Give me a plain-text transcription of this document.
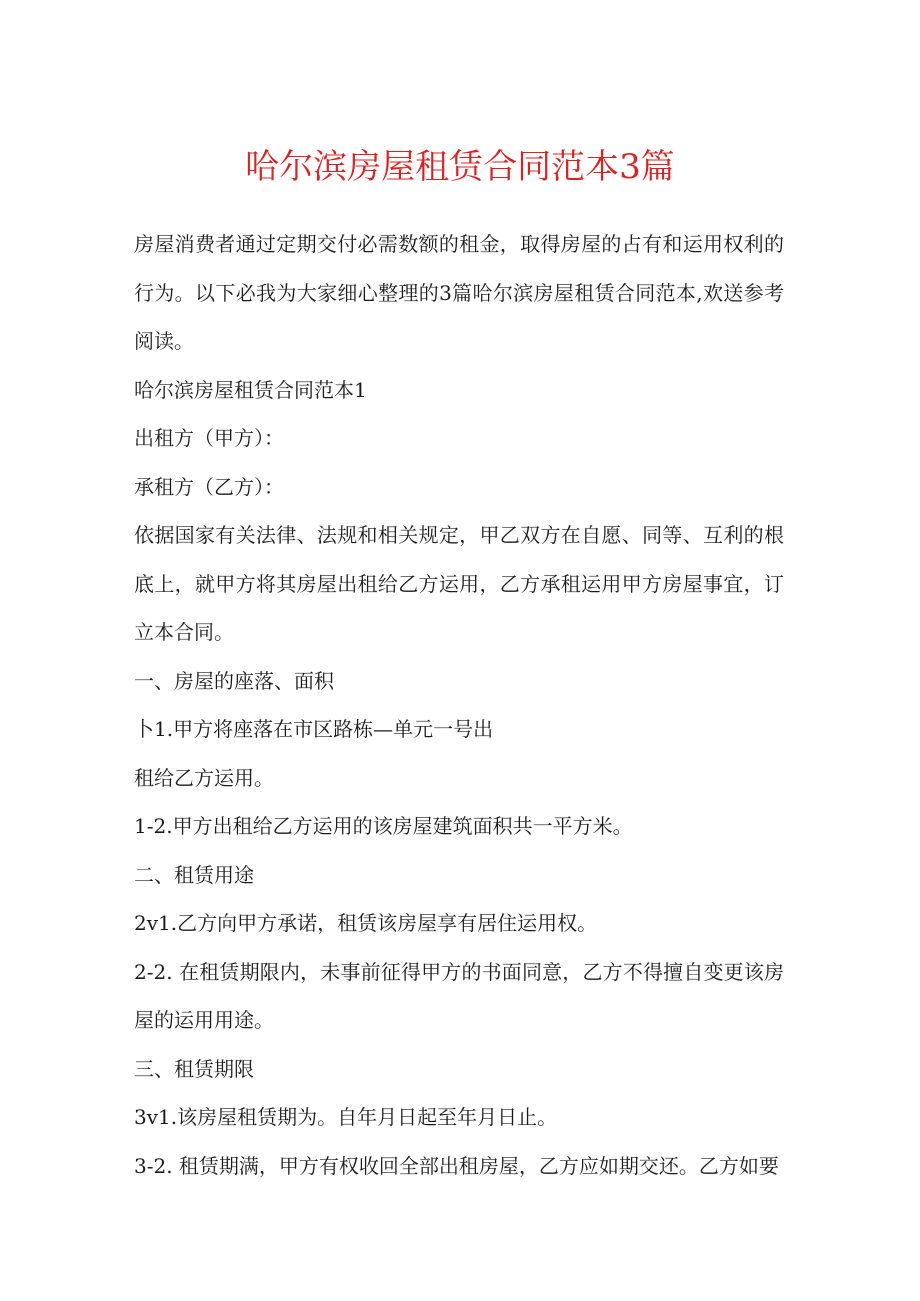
哈尔滨房屋租赁合同范本3篇

房屋消费者通过定期交付必需数额的租金，取得房屋的占有和运用权利的行为。以下必我为大家细心整理的3篇哈尔滨房屋租赁合同范本,欢送参考阅读。

哈尔滨房屋租赁合同范本1

出租方（甲方）：

承租方（乙方）：

依据国家有关法律、法规和相关规定，甲乙双方在自愿、同等、互利的根底上，就甲方将其房屋出租给乙方运用，乙方承租运用甲方房屋事宜，订立本合同。

一、房屋的座落、面积

卜1.甲方将座落在市区路栋—单元一号出

租给乙方运用。

1-2.甲方出租给乙方运用的该房屋建筑面积共一平方米。

二、租赁用途

2v1.乙方向甲方承诺，租赁该房屋享有居住运用权。

2-2. 在租赁期限内，未事前征得甲方的书面同意，乙方不得擅自变更该房屋的运用用途。

三、租赁期限

3v1.该房屋租赁期为。自年月日起至年月日止。

3-2. 租赁期满，甲方有权收回全部出租房屋，乙方应如期交还。乙方如要
